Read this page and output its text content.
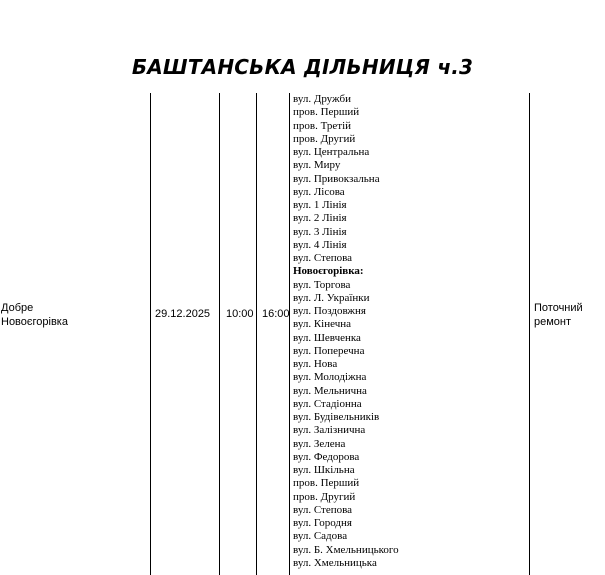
БАШТАНСЬКА ДІЛЬНИЦЯ ч.3
Добре
Новоєгорівка
29.12.2025 10:00 16:00	Поточний
ремонт
вул. Дружби
пров. Перший
пров. Третій
пров. Другий
вул. Центральна
вул. Миру
вул. Привокзальна
вул. Лісова
вул. 1 Лінія
вул. 2 Лінія
вул. 3 Лінія
вул. 4 Лінія
вул. Степова
Новоєгорівка:
вул. Торгова
вул. Л. Українки
вул. Поздовжня
вул. Кінечна
вул. Шевченка
вул. Поперечна
вул. Нова
вул. Молодіжна
вул. Мельнична
вул. Стадіонна
вул. Будівельників
вул. Залізнична
вул. Зелена
вул. Федорова
вул. Шкільна
пров. Перший
пров. Другий
вул. Степова
вул. Городня
вул. Садова
вул. Б. Хмельницького
вул. Хмельницька
